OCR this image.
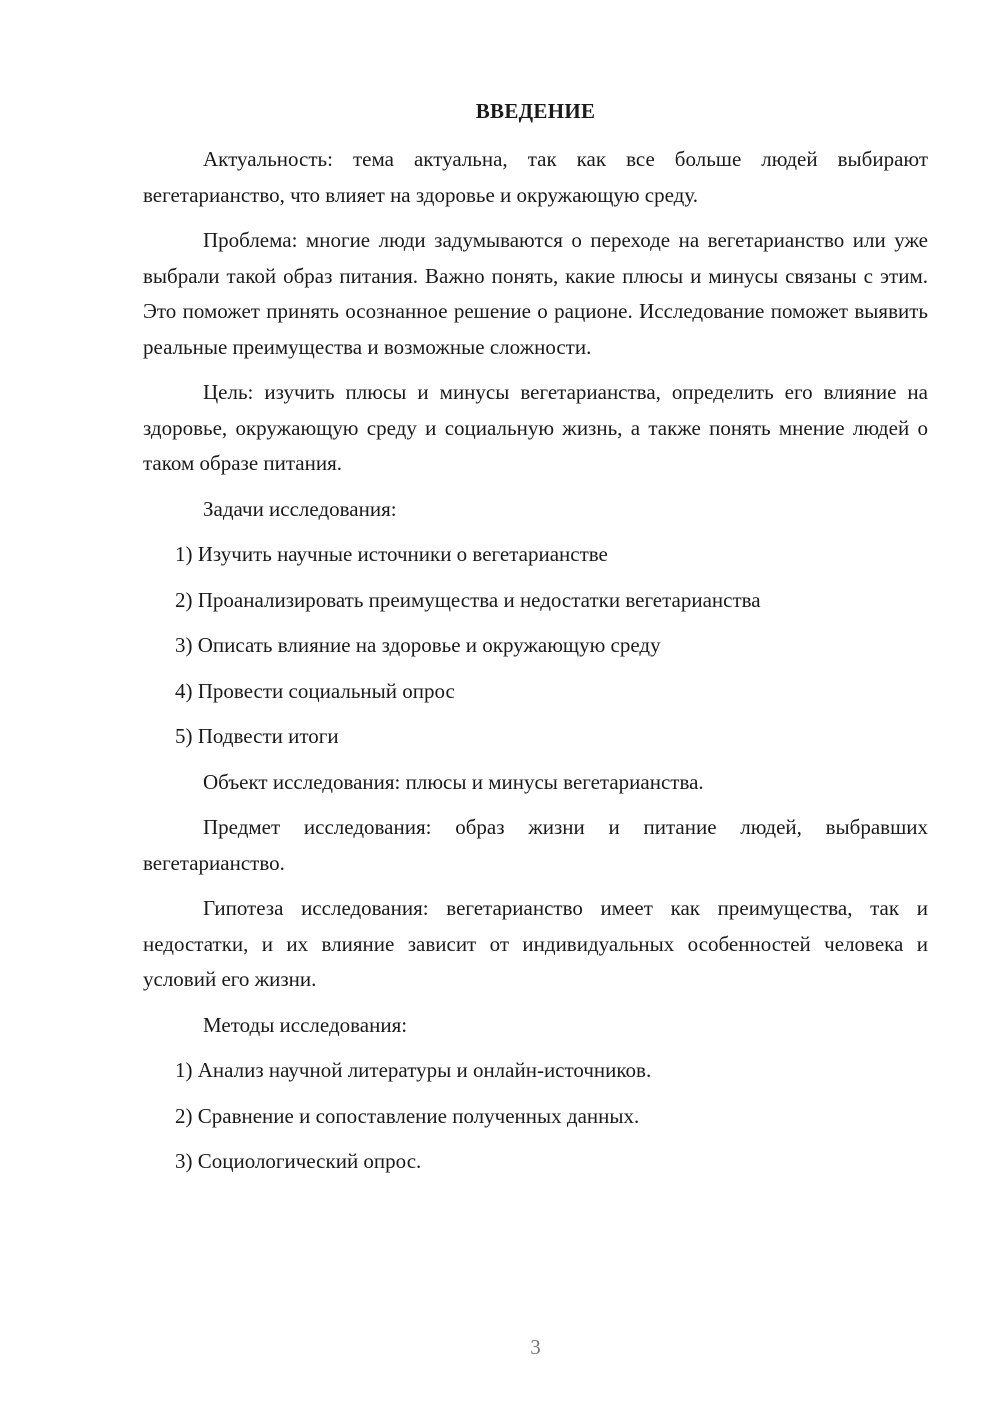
ВВЕДЕНИЕ

Актуальность: тема актуальна, так как все больше людей выбирают вегетарианство, что влияет на здоровье и окружающую среду.

Проблема: многие люди задумываются о переходе на вегетарианство или уже выбрали такой образ питания. Важно понять, какие плюсы и минусы связаны с этим. Это поможет принять осознанное решение о рационе. Исследование поможет выявить реальные преимущества и возможные сложности.

Цель: изучить плюсы и минусы вегетарианства, определить его влияние на здоровье, окружающую среду и социальную жизнь, а также понять мнение людей о таком образе питания.

Задачи исследования:

1) Изучить научные источники о вегетарианстве

2) Проанализировать преимущества и недостатки вегетарианства

3) Описать влияние на здоровье и окружающую среду

4) Провести социальный опрос

5) Подвести итоги

Объект исследования: плюсы и минусы вегетарианства.

Предмет исследования: образ жизни и питание людей, выбравших вегетарианство.

Гипотеза исследования: вегетарианство имеет как преимущества, так и недостатки, и их влияние зависит от индивидуальных особенностей человека и условий его жизни.

Методы исследования:

1) Анализ научной литературы и онлайн-источников.

2) Сравнение и сопоставление полученных данных.

3) Социологический опрос.

3
